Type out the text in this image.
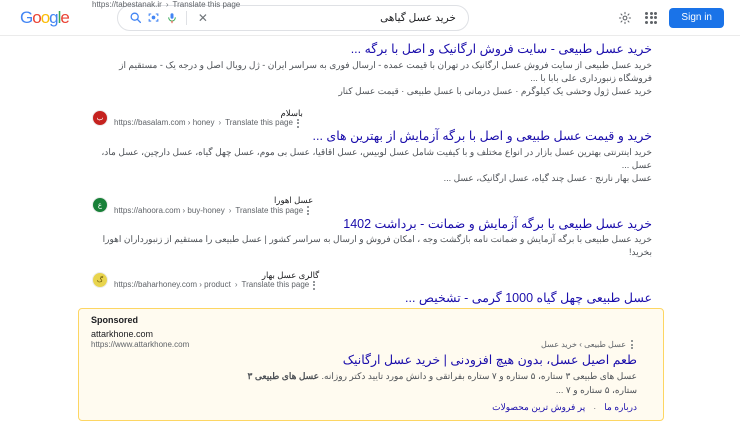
Google	✕	خرید عسل گیاهی	Sign in
https://tabestanak.ir › Translate this page
خرید عسل طبیعی - سایت فروش ارگانیک و اصل با برگه ...
خرید عسل طبیعی از سایت فروش عسل ارگانیک در تهران با قیمت عمده - ارسال فوری به سراسر ایران - ژل رویال اصل و درجه یک - مستقیم از فروشگاه زنبورداری علی بابا با ...
خرید عسل ژول وحشی یک کیلوگرم · عسل درمانی با عسل طبیعی · قیمت عسل کنار
ب
باسلام
https://basalam.com › honey › Translate this page
خرید و قیمت عسل طبیعی و اصل با برگه آزمایش از بهترین های ...
خرید اینترنتی بهترین عسل بازار در انواع مختلف و با کیفیت شامل عسل لوبیس، عسل اقاقیا، عسل بی موم، عسل چهل گیاه، عسل دارچین، عسل ماد، عسل ...
عسل بهار نارنج · عسل چند گیاه، عسل ارگانیک، عسل ...
ع
عسل اهورا
https://ahoora.com › buy-honey › Translate this page
خرید عسل طبیعی با برگه آزمایش و ضمانت - برداشت 1402
خرید عسل طبیعی با برگه آزمایش و ضمانت نامه بازگشت وجه ، امکان فروش و ارسال به سراسر کشور | عسل طبیعی را مستقیم از زنبورداران اهورا بخرید!
گ
گالری عسل بهار
https://baharhoney.com › product › Translate this page
عسل طبیعی چهل گیاه 1000 گرمی - تشخیص ...
Sponsored
attarkhone.com
https://www.attarkhone.com	عسل طبیعی › خرید عسل
طعم اصیل عسل، بدون هیچ افزودنی | خرید عسل ارگانیک
عسل های طبیعی ۳ ستاره، ۵ ستاره و ۷ ستاره بفراتقی و دانش مورد تایید دکتر روزانه. عسل های طبیعی ۳
ستاره، ۵ ستاره و ۷ ...
درباره ما
·
پر فروش ترین محصولات
